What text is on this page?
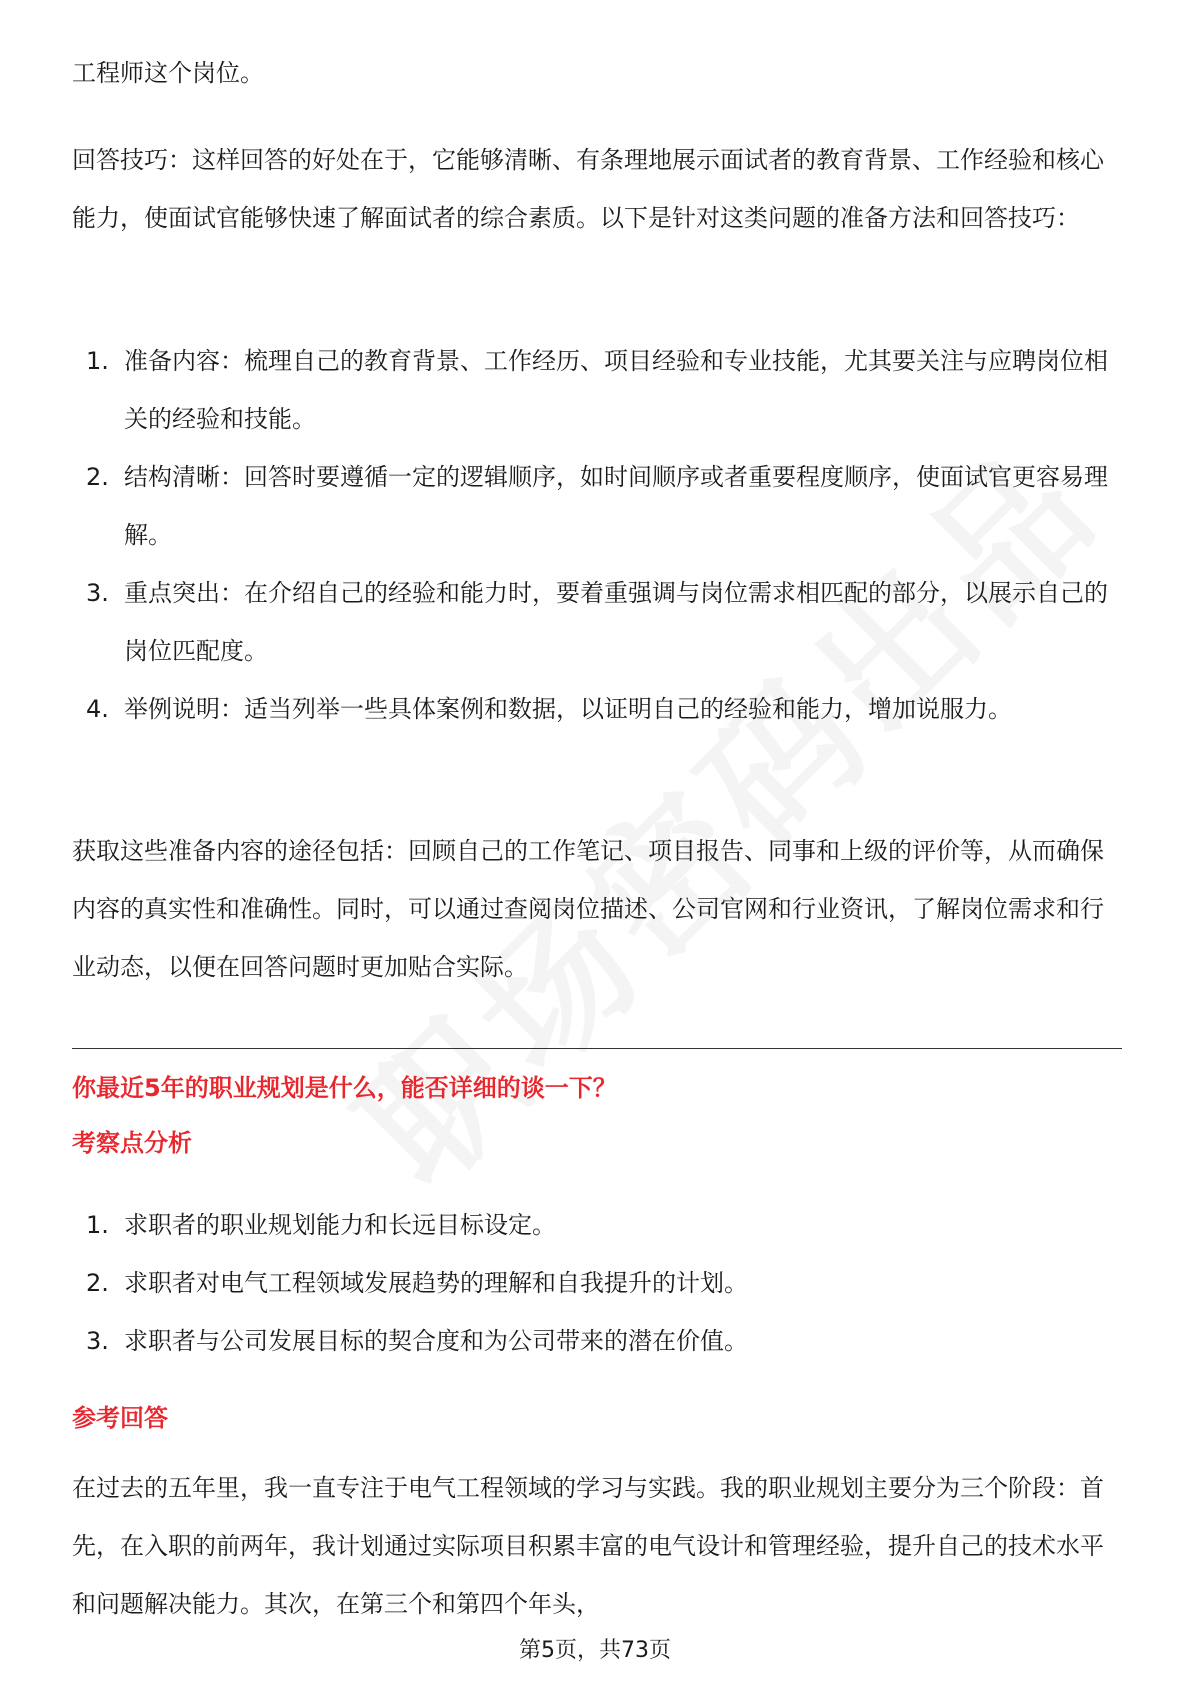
工程师这个岗位。

回答技巧：这样回答的好处在于，它能够清晰、有条理地展示面试者的教育背景、工作经验和核心能力，使面试官能够快速了解面试者的综合素质。以下是针对这类问题的准备方法和回答技巧：

1. 准备内容：梳理自己的教育背景、工作经历、项目经验和专业技能，尤其要关注与应聘岗位相关的经验和技能。
2. 结构清晰：回答时要遵循一定的逻辑顺序，如时间顺序或者重要程度顺序，使面试官更容易理解。
3. 重点突出：在介绍自己的经验和能力时，要着重强调与岗位需求相匹配的部分，以展示自己的岗位匹配度。
4. 举例说明：适当列举一些具体案例和数据，以证明自己的经验和能力，增加说服力。

获取这些准备内容的途径包括：回顾自己的工作笔记、项目报告、同事和上级的评价等，从而确保内容的真实性和准确性。同时，可以通过查阅岗位描述、公司官网和行业资讯，了解岗位需求和行业动态，以便在回答问题时更加贴合实际。

你最近5年的职业规划是什么，能否详细的谈一下？
考察点分析
1. 求职者的职业规划能力和长远目标设定。
2. 求职者对电气工程领域发展趋势的理解和自我提升的计划。
3. 求职者与公司发展目标的契合度和为公司带来的潜在价值。
参考回答

在过去的五年里，我一直专注于电气工程领域的学习与实践。我的职业规划主要分为三个阶段：首先，在入职的前两年，我计划通过实际项目积累丰富的电气设计和管理经验，提升自己的技术水平和问题解决能力。其次，在第三个和第四个年头，

第5页，共73页
